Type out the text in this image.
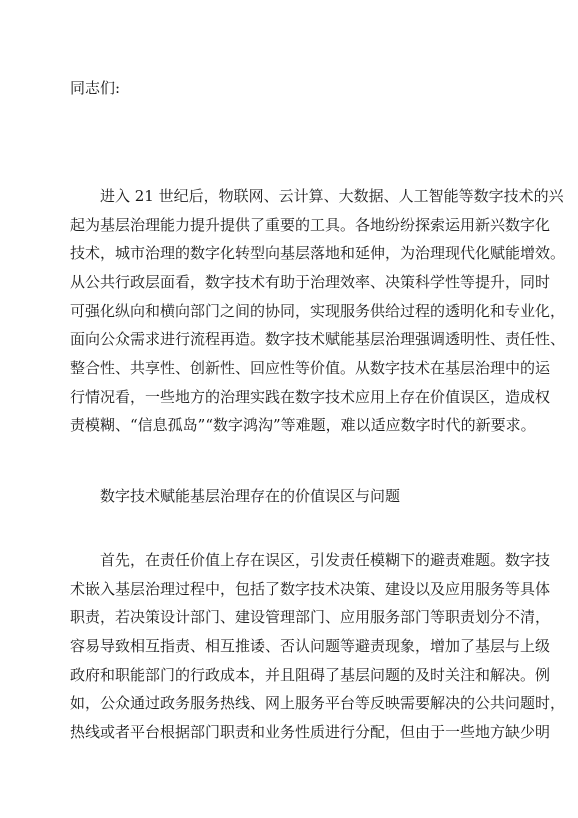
同志们:
　　进入 21 世纪后，物联网、云计算、大数据、人工智能等数字技术的兴
起为基层治理能力提升提供了重要的工具。各地纷纷探索运用新兴数字化
技术，城市治理的数字化转型向基层落地和延伸，为治理现代化赋能增效。
从公共行政层面看，数字技术有助于治理效率、决策科学性等提升，同时
可强化纵向和横向部门之间的协同，实现服务供给过程的透明化和专业化，
面向公众需求进行流程再造。数字技术赋能基层治理强调透明性、责任性、
整合性、共享性、创新性、回应性等价值。从数字技术在基层治理中的运
行情况看，一些地方的治理实践在数字技术应用上存在价值误区，造成权
责模糊、“信息孤岛”“数字鸿沟”等难题，难以适应数字时代的新要求。
数字技术赋能基层治理存在的价值误区与问题
　　首先，在责任价值上存在误区，引发责任模糊下的避责难题。数字技
术嵌入基层治理过程中，包括了数字技术决策、建设以及应用服务等具体
职责，若决策设计部门、建设管理部门、应用服务部门等职责划分不清，
容易导致相互指责、相互推诿、否认问题等避责现象，增加了基层与上级
政府和职能部门的行政成本，并且阻碍了基层问题的及时关注和解决。例
如，公众通过政务服务热线、网上服务平台等反映需要解决的公共问题时，
热线或者平台根据部门职责和业务性质进行分配，但由于一些地方缺少明
